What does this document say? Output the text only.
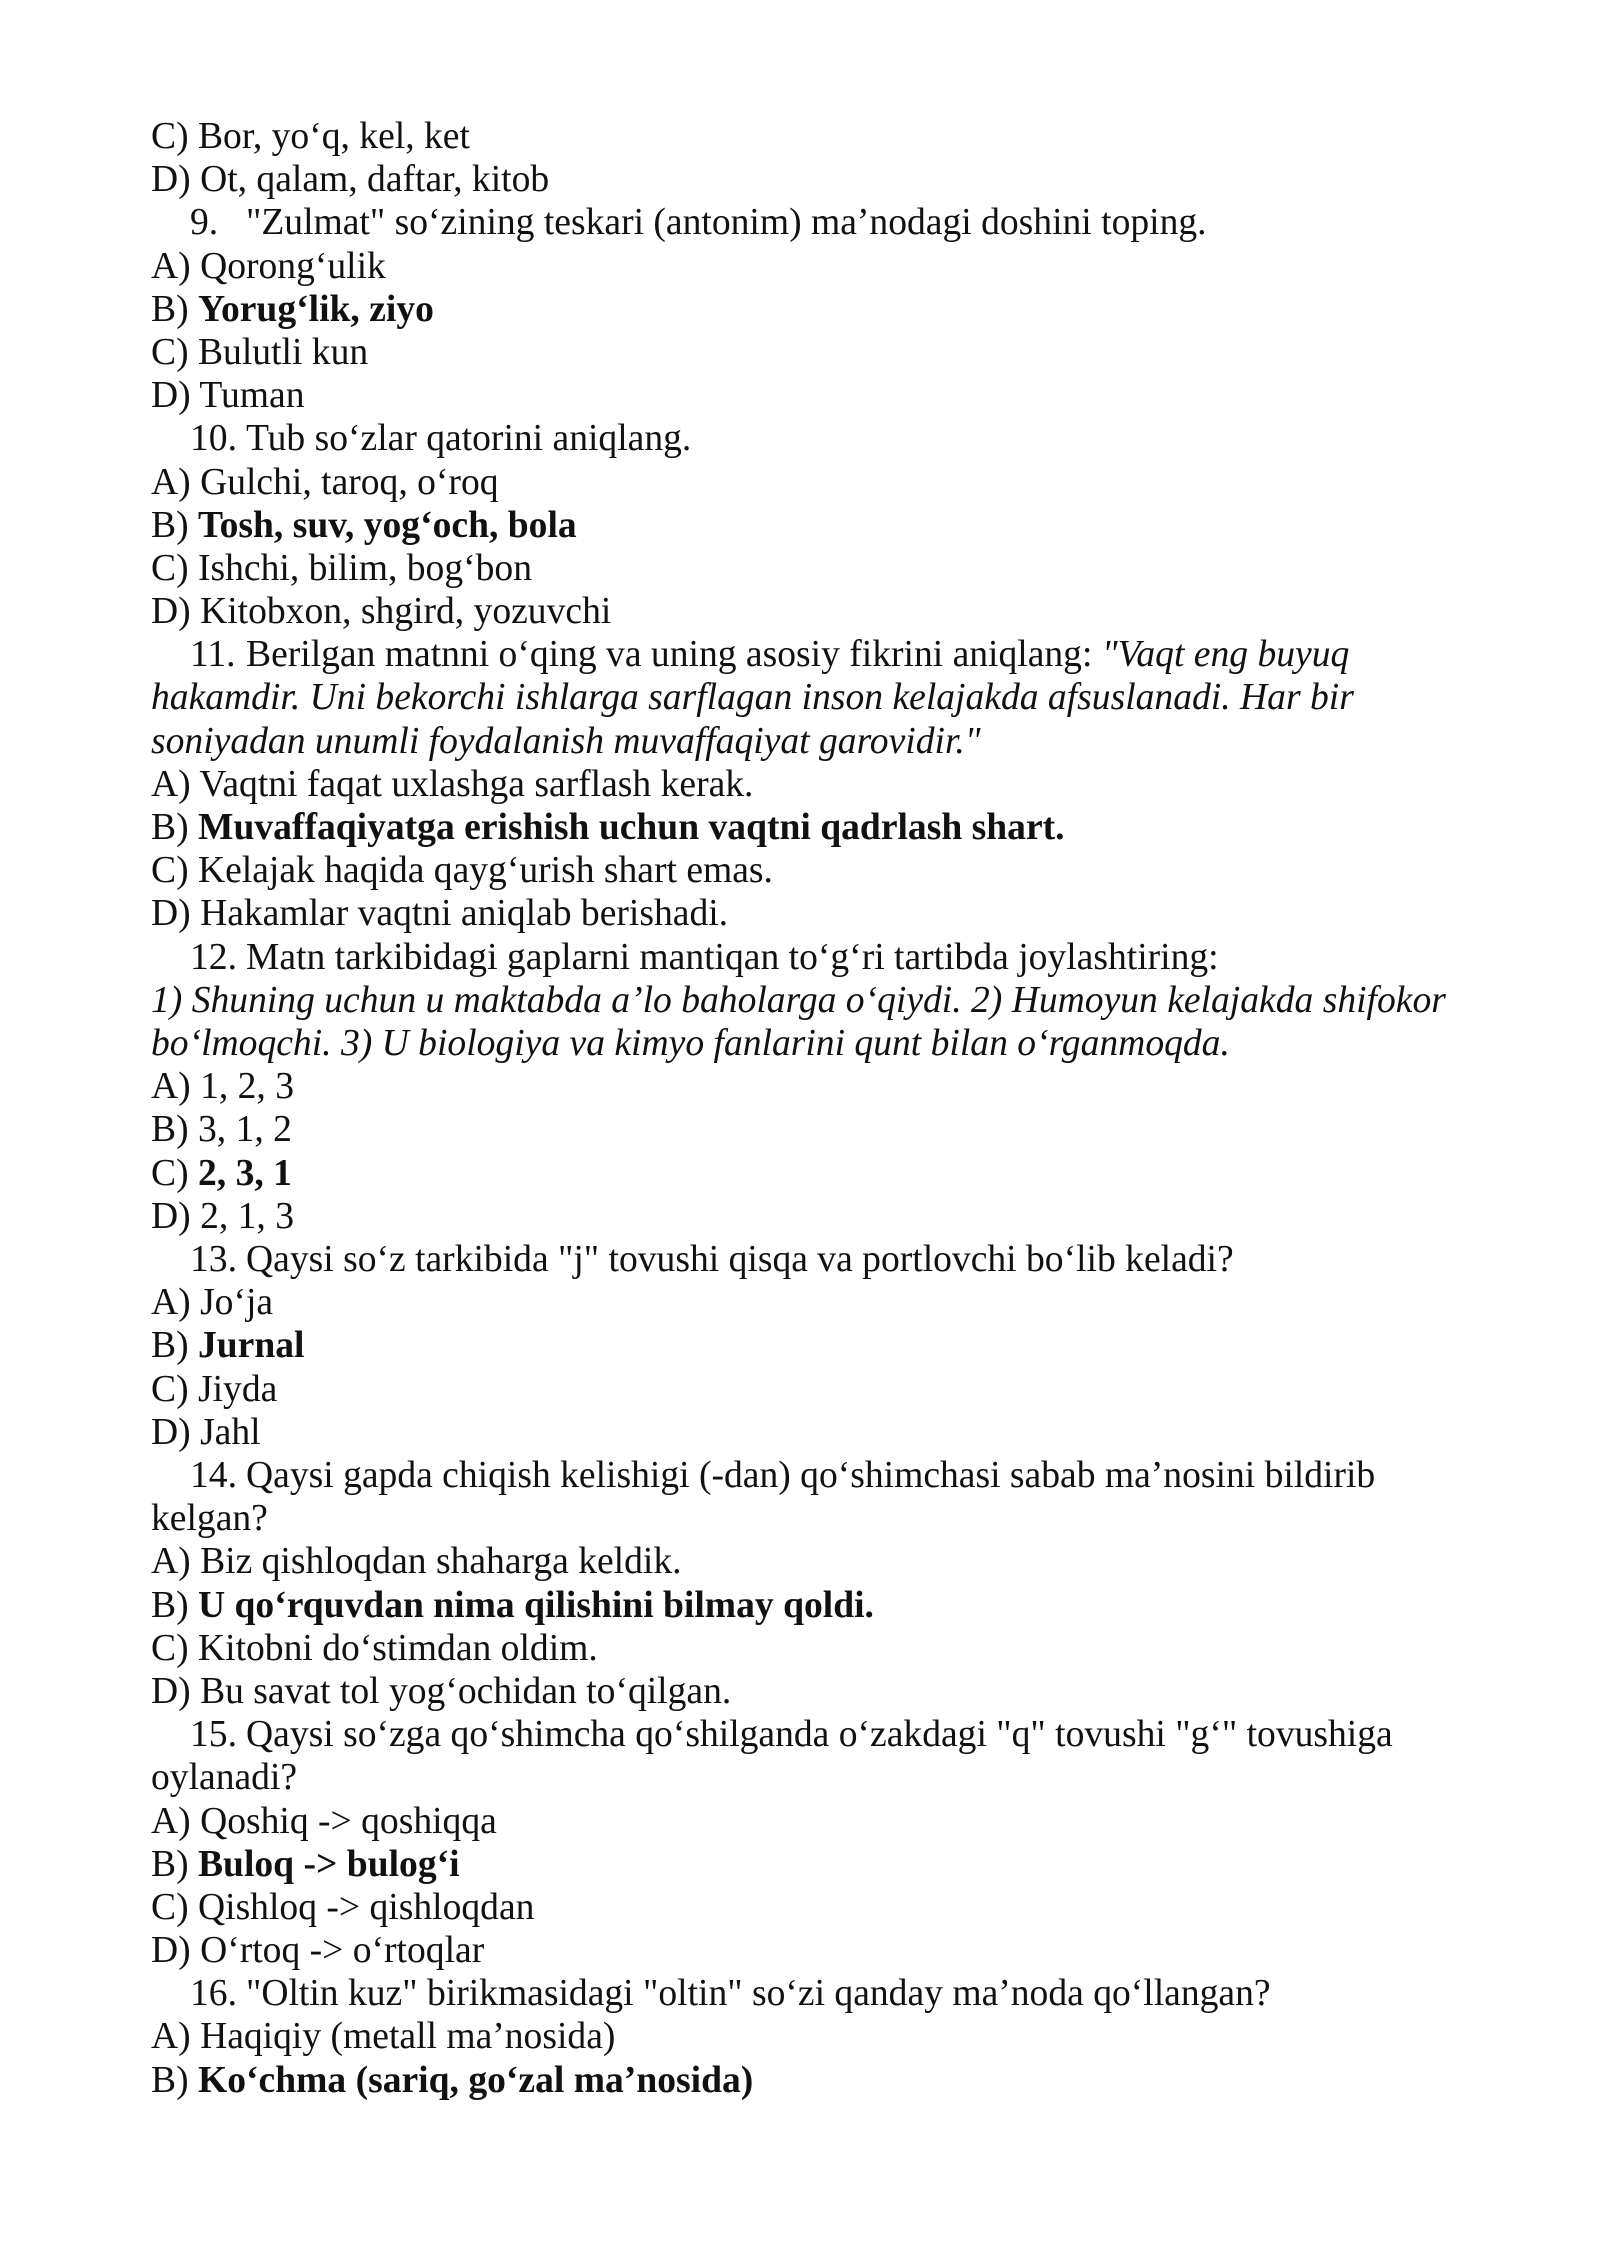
C) Bor, yo‘q, kel, ket
D) Ot, qalam, daftar, kitob

9. "Zulmat" so‘zining teskari (antonim) ma’nodagi doshini toping.

A) Qorong‘ulik
B) Yorug‘lik, ziyo
C) Bulutli kun
D) Tuman

10. Tub so‘zlar qatorini aniqlang.

A) Gulchi, taroq, o‘roq
B) Tosh, suv, yog‘och, bola
C) Ishchi, bilim, bog‘bon
D) Kitobxon, shgird, yozuvchi

11. Berilgan matnni o‘qing va uning asosiy fikrini aniqlang: "Vaqt eng buyuq hakamdir. Uni bekorchi ishlarga sarflagan inson kelajakda afsuslanadi. Har bir soniyadan unumli foydalanish muvaffaqiyat garovidir."

A) Vaqtni faqat uxlashga sarflash kerak.
B) Muvaffaqiyatga erishish uchun vaqtni qadrlash shart.
C) Kelajak haqida qayg‘urish shart emas.
D) Hakamlar vaqtni aniqlab berishadi.

12. Matn tarkibidagi gaplarni mantiqan to‘g‘ri tartibda joylashtiring:

1) Shuning uchun u maktabda a’lo baholarga o‘qiydi. 2) Humoyun kelajakda shifokor bo‘lmoqchi. 3) U biologiya va kimyo fanlarini qunt bilan o‘rganmoqda.

A) 1, 2, 3
B) 3, 1, 2
C) 2, 3, 1
D) 2, 1, 3

13. Qaysi so‘z tarkibida "j" tovushi qisqa va portlovchi bo‘lib keladi?

A) Jo‘ja
B) Jurnal
C) Jiyda
D) Jahl

14. Qaysi gapda chiqish kelishigi (-dan) qo‘shimchasi sabab ma’nosini bildirib kelgan?

A) Biz qishloqdan shaharga keldik.
B) U qo‘rquvdan nima qilishini bilmay qoldi.
C) Kitobni do‘stimdan oldim.
D) Bu savat tol yog‘ochidan to‘qilgan.

15. Qaysi so‘zga qo‘shimcha qo‘shilganda o‘zakdagi "q" tovushi "g‘" tovushiga oylanadi?

A) Qoshiq -> qoshiqqa
B) Buloq -> bulog‘i
C) Qishloq -> qishloqdan
D) O‘rtoq -> o‘rtoqlar

16. "Oltin kuz" birikmasidagi "oltin" so‘zi qanday ma’noda qo‘llangan?

A) Haqiqiy (metall ma’nosida)
B) Ko‘chma (sariq, go‘zal ma’nosida)
